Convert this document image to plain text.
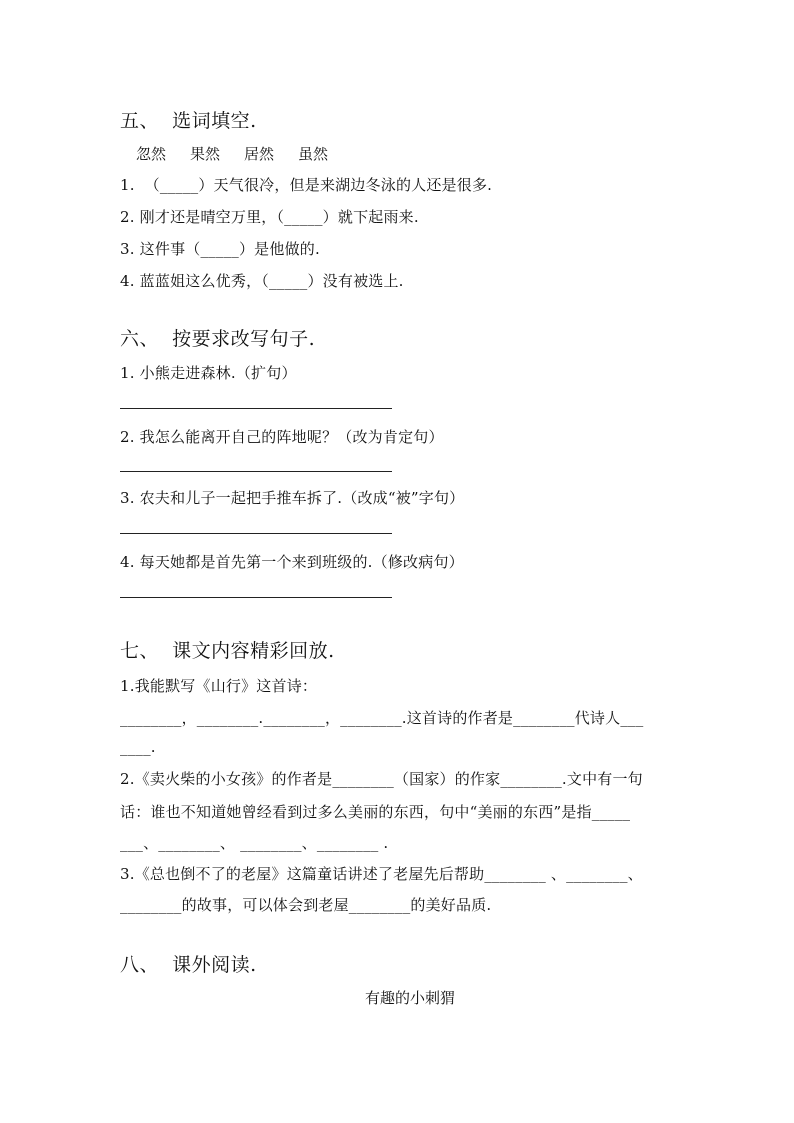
五、  选词填空.
忽然 果然 居然 虽然
1.  （_____）天气很冷，但是来湖边冬泳的人还是很多.
2. 刚才还是晴空万里，（_____）就下起雨来.
3. 这件事（_____）是他做的.
4. 蓝蓝姐这么优秀，（_____）没有被选上.
六、  按要求改写句子.
1. 小熊走进森林.（扩句）
2. 我怎么能离开自己的阵地呢？（改为肯定句）
3. 农夫和儿子一起把手推车拆了.（改成“被”字句）
4. 每天她都是首先第一个来到班级的.（修改病句）
七、  课文内容精彩回放.
1.我能默写《山行》这首诗：
________，________.________，________.这首诗的作者是________代诗人___
____.
2.《卖火柴的小女孩》的作者是________（国家）的作家________.文中有一句
话：谁也不知道她曾经看到过多么美丽的东西，句中“美丽的东西”是指_____
___、________、 ________、________ .
3.《总也倒不了的老屋》这篇童话讲述了老屋先后帮助________ 、________、
________的故事，可以体会到老屋________的美好品质.
八、  课外阅读.
有趣的小刺猬
